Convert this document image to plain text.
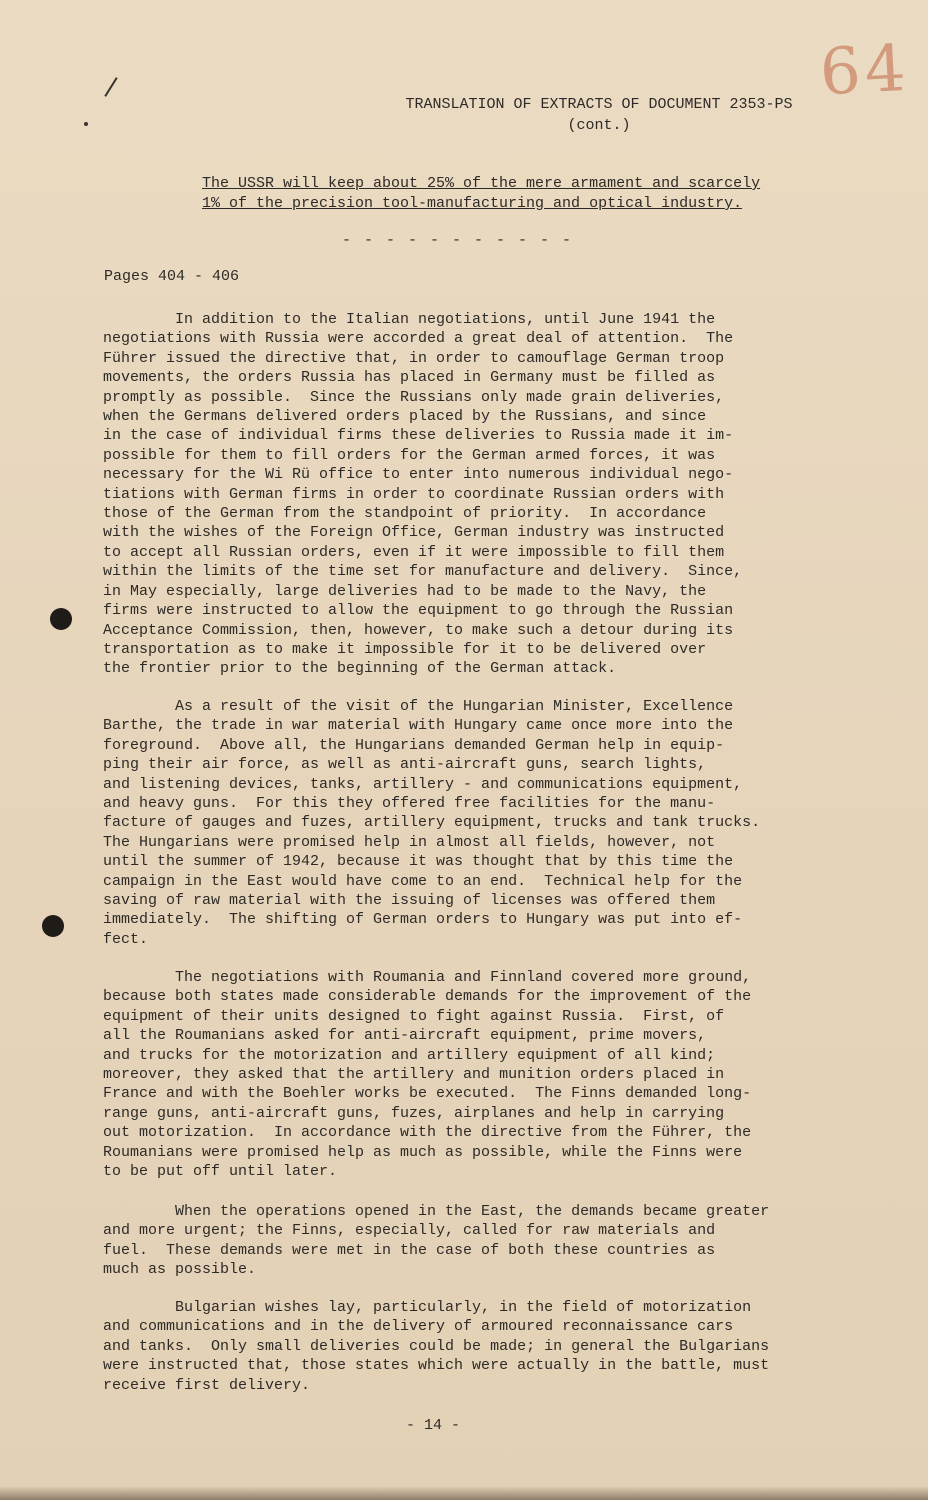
64
TRANSLATION OF EXTRACTS OF DOCUMENT 2353-PS
(cont.)
The USSR will keep about 25% of the mere armament and scarcely
1% of the precision tool-manufacturing and optical industry.
- - - - - - - - - - -
Pages 404 - 406

In addition to the Italian negotiations, until June 1941 the
negotiations with Russia were accorded a great deal of attention.  The
Führer issued the directive that, in order to camouflage German troop
movements, the orders Russia has placed in Germany must be filled as
promptly as possible.  Since the Russians only made grain deliveries,
when the Germans delivered orders placed by the Russians, and since
in the case of individual firms these deliveries to Russia made it im-
possible for them to fill orders for the German armed forces, it was
necessary for the Wi Rü office to enter into numerous individual nego-
tiations with German firms in order to coordinate Russian orders with
those of the German from the standpoint of priority.  In accordance
with the wishes of the Foreign Office, German industry was instructed
to accept all Russian orders, even if it were impossible to fill them
within the limits of the time set for manufacture and delivery.  Since,
in May especially, large deliveries had to be made to the Navy, the
firms were instructed to allow the equipment to go through the Russian
Acceptance Commission, then, however, to make such a detour during its
transportation as to make it impossible for it to be delivered over
the frontier prior to the beginning of the German attack.

As a result of the visit of the Hungarian Minister, Excellence
Barthe, the trade in war material with Hungary came once more into the
foreground.  Above all, the Hungarians demanded German help in equip-
ping their air force, as well as anti-aircraft guns, search lights,
and listening devices, tanks, artillery - and communications equipment,
and heavy guns.  For this they offered free facilities for the manu-
facture of gauges and fuzes, artillery equipment, trucks and tank trucks.
The Hungarians were promised help in almost all fields, however, not
until the summer of 1942, because it was thought that by this time the
campaign in the East would have come to an end.  Technical help for the
saving of raw material with the issuing of licenses was offered them
immediately.  The shifting of German orders to Hungary was put into ef-
fect.

The negotiations with Roumania and Finnland covered more ground,
because both states made considerable demands for the improvement of the
equipment of their units designed to fight against Russia.  First, of
all the Roumanians asked for anti-aircraft equipment, prime movers,
and trucks for the motorization and artillery equipment of all kind;
moreover, they asked that the artillery and munition orders placed in
France and with the Boehler works be executed.  The Finns demanded long-
range guns, anti-aircraft guns, fuzes, airplanes and help in carrying
out motorization.  In accordance with the directive from the Führer, the
Roumanians were promised help as much as possible, while the Finns were
to be put off until later.

When the operations opened in the East, the demands became greater
and more urgent; the Finns, especially, called for raw materials and
fuel.  These demands were met in the case of both these countries as
much as possible.

Bulgarian wishes lay, particularly, in the field of motorization
and communications and in the delivery of armoured reconnaissance cars
and tanks.  Only small deliveries could be made; in general the Bulgarians
were instructed that, those states which were actually in the battle, must
receive first delivery.

- 14 -
